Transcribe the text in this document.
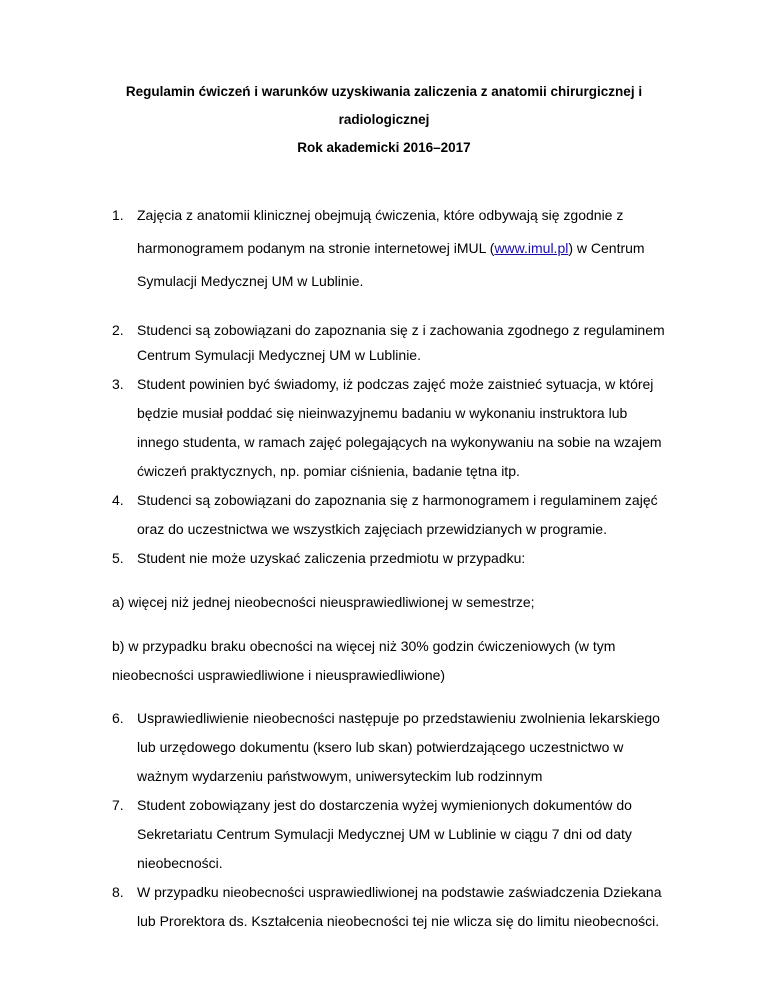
Regulamin ćwiczeń i warunków uzyskiwania zaliczenia z anatomii chirurgicznej i
radiologicznej
Rok akademicki 2016–2017
1. Zajęcia z anatomii klinicznej obejmują ćwiczenia, które odbywają się zgodnie z
harmonogramem podanym na stronie internetowej iMUL (www.imul.pl) w Centrum
Symulacji Medycznej UM w Lublinie.
2. Studenci są zobowiązani do zapoznania się z i zachowania zgodnego z regulaminem
Centrum Symulacji Medycznej UM w Lublinie.
3. Student powinien być świadomy, iż podczas zajęć może zaistnieć sytuacja, w której
będzie musiał poddać się nieinwazyjnemu badaniu w wykonaniu instruktora lub
innego studenta, w ramach zajęć polegających na wykonywaniu na sobie na wzajem
ćwiczeń praktycznych, np. pomiar ciśnienia, badanie tętna itp.
4. Studenci są zobowiązani do zapoznania się z harmonogramem i regulaminem zajęć
oraz do uczestnictwa we wszystkich zajęciach przewidzianych w programie.
5. Student nie może uzyskać zaliczenia przedmiotu w przypadku:
a) więcej niż jednej nieobecności nieusprawiedliwionej w semestrze;
b) w przypadku braku obecności na więcej niż 30% godzin ćwiczeniowych (w tym
nieobecności usprawiedliwione i nieusprawiedliwione)
6. Usprawiedliwienie nieobecności następuje po przedstawieniu zwolnienia lekarskiego
lub urzędowego dokumentu (ksero lub skan) potwierdzającego uczestnictwo w
ważnym wydarzeniu państwowym, uniwersyteckim lub rodzinnym
7. Student zobowiązany jest do dostarczenia wyżej wymienionych dokumentów do
Sekretariatu Centrum Symulacji Medycznej UM w Lublinie w ciągu 7 dni od daty
nieobecności.
8. W przypadku nieobecności usprawiedliwionej na podstawie zaświadczenia Dziekana
lub Prorektora ds. Kształcenia nieobecności tej nie wlicza się do limitu nieobecności.
